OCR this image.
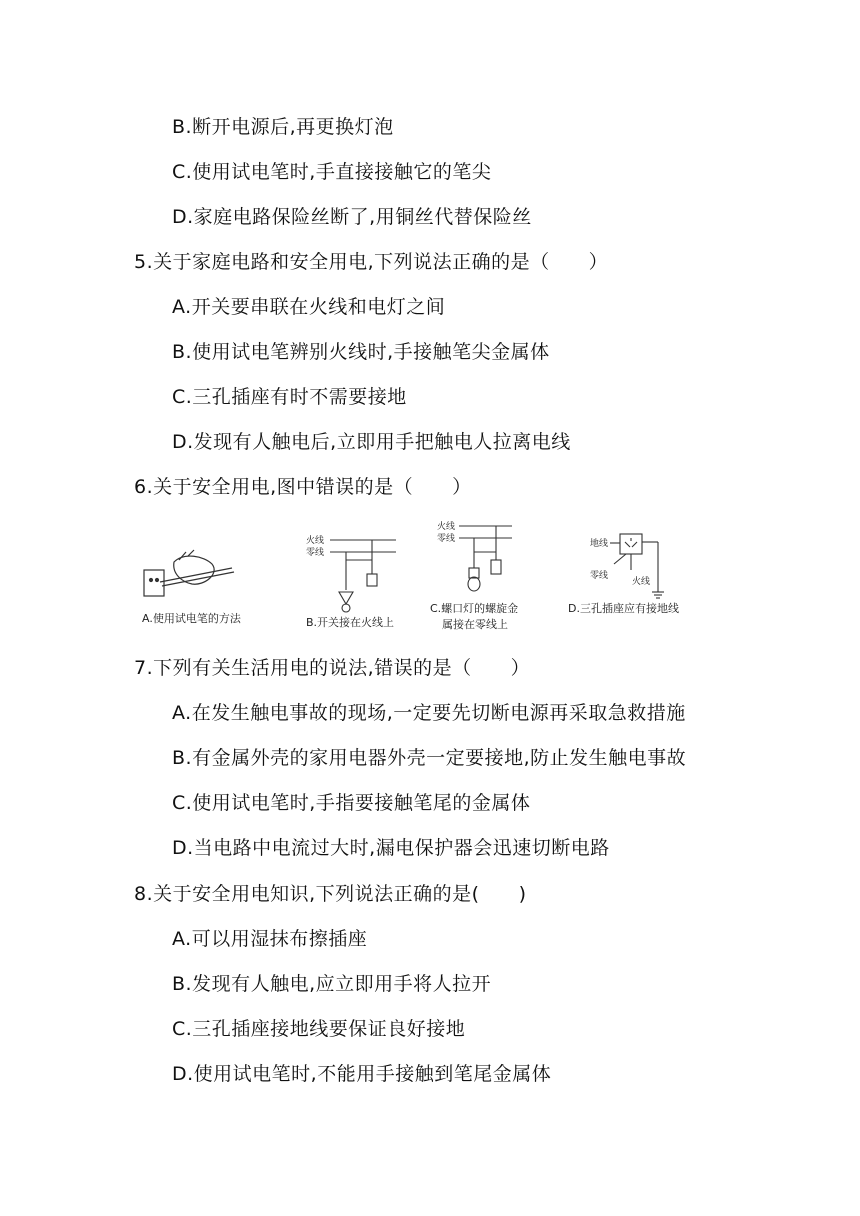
B.断开电源后,再更换灯泡
C.使用试电笔时,手直接接触它的笔尖
D.家庭电路保险丝断了,用铜丝代替保险丝
5.关于家庭电路和安全用电,下列说法正确的是（　　）
A.开关要串联在火线和电灯之间
B.使用试电笔辨别火线时,手接触笔尖金属体
C.三孔插座有时不需要接地
D.发现有人触电后,立即用手把触电人拉离电线
6.关于安全用电,图中错误的是（　　）
火线
零线
火线
零线	地线
零线
火线
A.使用试电笔的方法	B.开关接在火线上
C.螺口灯的螺旋金
属接在零线上
D.三孔插座应有接地线
7.下列有关生活用电的说法,错误的是（　　）
A.在发生触电事故的现场,一定要先切断电源再采取急救措施
B.有金属外壳的家用电器外壳一定要接地,防止发生触电事故
C.使用试电笔时,手指要接触笔尾的金属体
D.当电路中电流过大时,漏电保护器会迅速切断电路
8.关于安全用电知识,下列说法正确的是(　　)
A.可以用湿抹布擦插座
B.发现有人触电,应立即用手将人拉开
C.三孔插座接地线要保证良好接地
D.使用试电笔时,不能用手接触到笔尾金属体
